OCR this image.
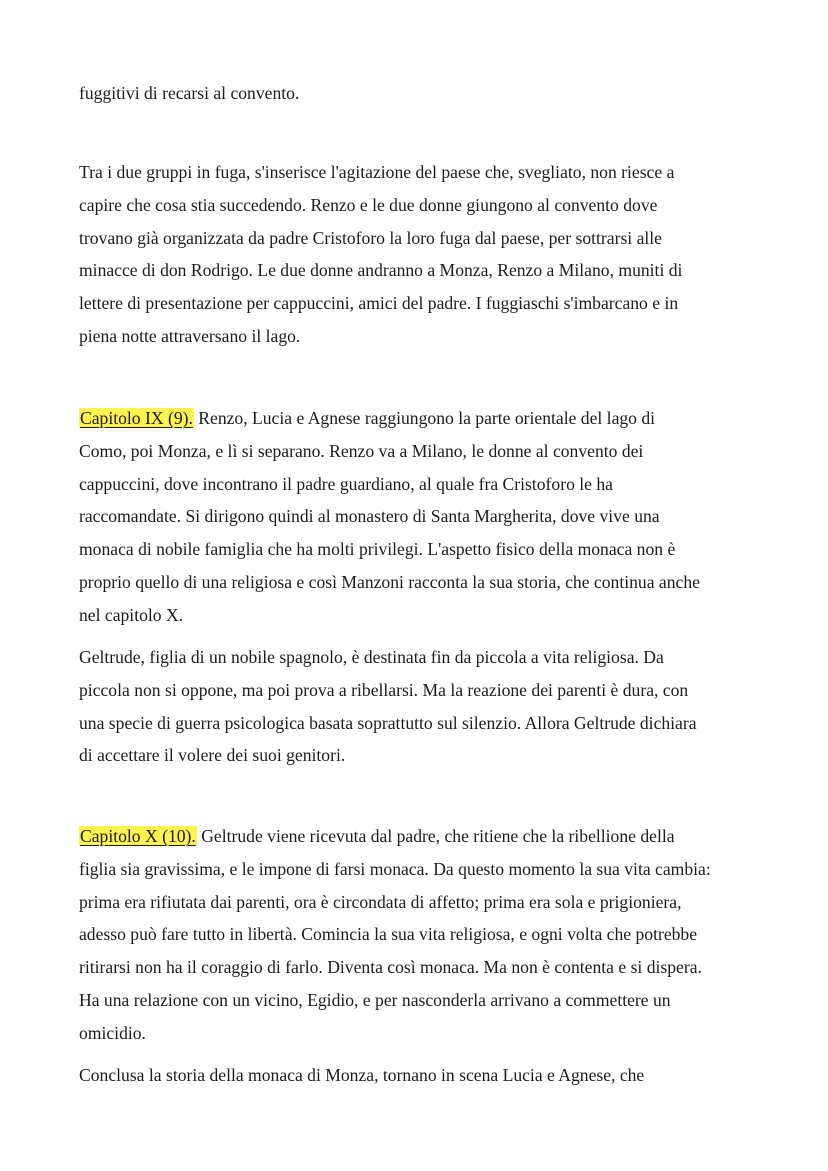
fuggitivi di recarsi al convento.

Tra i due gruppi in fuga, s'inserisce l'agitazione del paese che, svegliato, non riesce a
capire che cosa stia succedendo. Renzo e le due donne giungono al convento dove
trovano già organizzata da padre Cristoforo la loro fuga dal paese, per sottrarsi alle
minacce di don Rodrigo. Le due donne andranno a Monza, Renzo a Milano, muniti di
lettere di presentazione per cappuccini, amici del padre. I fuggiaschi s'imbarcano e in
piena notte attraversano il lago.

Capitolo IX (9). Renzo, Lucia e Agnese raggiungono la parte orientale del lago di
Como, poi Monza, e lì si separano. Renzo va a Milano, le donne al convento dei
cappuccini, dove incontrano il padre guardiano, al quale fra Cristoforo le ha
raccomandate. Si dirigono quindi al monastero di Santa Margherita, dove vive una
monaca di nobile famiglia che ha molti privilegi. L'aspetto fisico della monaca non è
proprio quello di una religiosa e così Manzoni racconta la sua storia, che continua anche
nel capitolo X.

Geltrude, figlia di un nobile spagnolo, è destinata fin da piccola a vita religiosa. Da
piccola non si oppone, ma poi prova a ribellarsi. Ma la reazione dei parenti è dura, con
una specie di guerra psicologica basata soprattutto sul silenzio. Allora Geltrude dichiara
di accettare il volere dei suoi genitori.

Capitolo X (10). Geltrude viene ricevuta dal padre, che ritiene che la ribellione della
figlia sia gravissima, e le impone di farsi monaca. Da questo momento la sua vita cambia:
prima era rifiutata dai parenti, ora è circondata di affetto; prima era sola e prigioniera,
adesso può fare tutto in libertà. Comincia la sua vita religiosa, e ogni volta che potrebbe
ritirarsi non ha il coraggio di farlo. Diventa così monaca. Ma non è contenta e si dispera.
Ha una relazione con un vicino, Egidio, e per nasconderla arrivano a commettere un
omicidio.

Conclusa la storia della monaca di Monza, tornano in scena Lucia e Agnese, che
